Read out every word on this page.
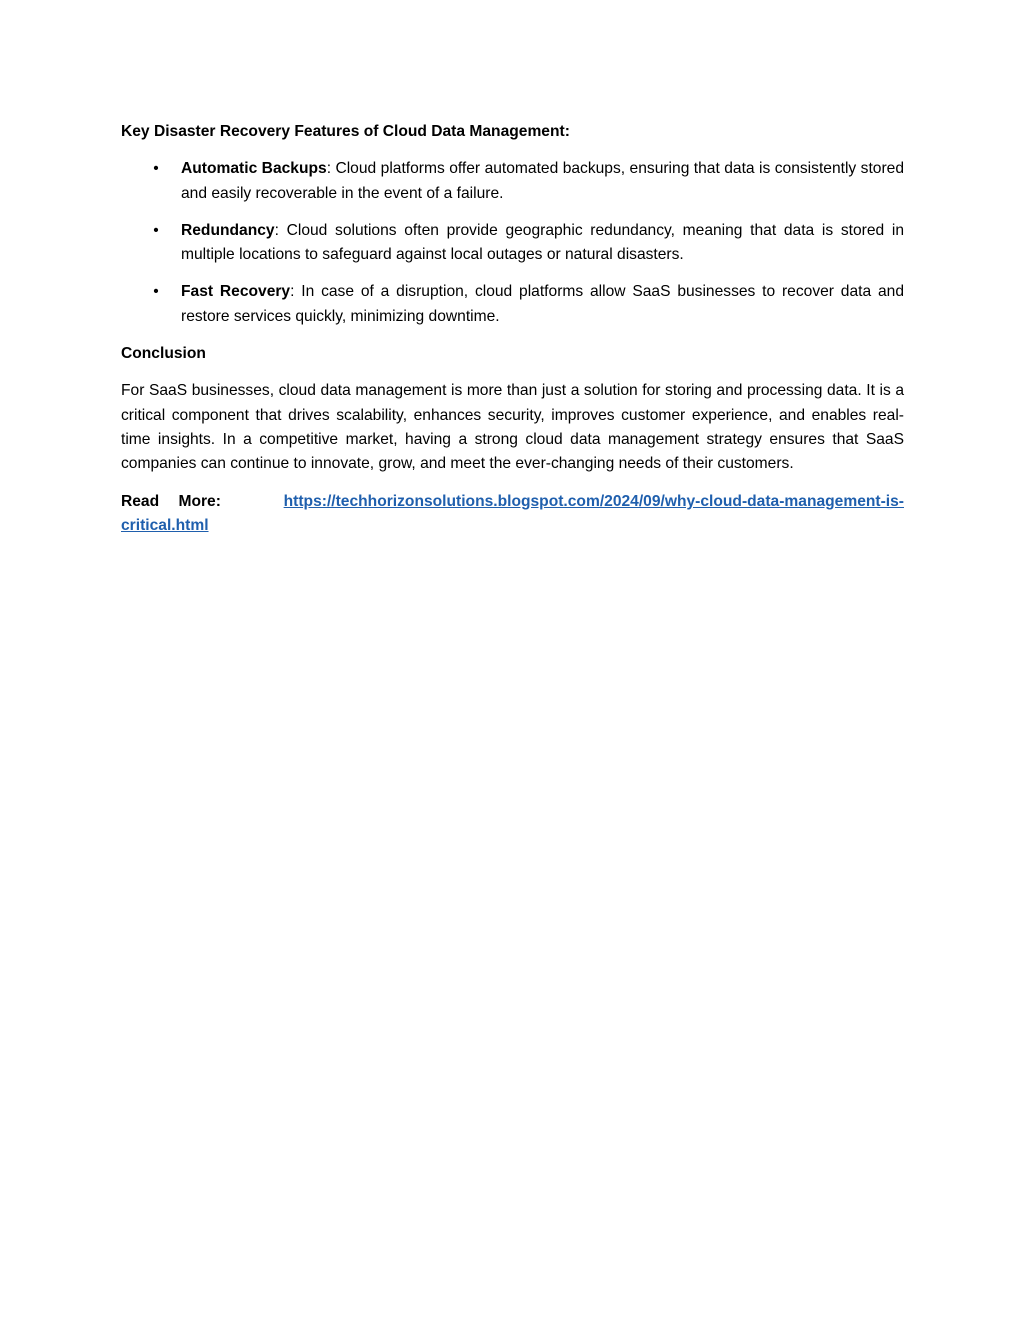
Key Disaster Recovery Features of Cloud Data Management:

• Automatic Backups: Cloud platforms offer automated backups, ensuring that data is consistently stored and easily recoverable in the event of a failure.
• Redundancy: Cloud solutions often provide geographic redundancy, meaning that data is stored in multiple locations to safeguard against local outages or natural disasters.
• Fast Recovery: In case of a disruption, cloud platforms allow SaaS businesses to recover data and restore services quickly, minimizing downtime.

Conclusion

For SaaS businesses, cloud data management is more than just a solution for storing and processing data. It is a critical component that drives scalability, enhances security, improves customer experience, and enables real-time insights. In a competitive market, having a strong cloud data management strategy ensures that SaaS companies can continue to innovate, grow, and meet the ever-changing needs of their customers.

Read More:	https://techhorizonsolutions.blogspot.com/2024/09/why-cloud-data-management-is-
critical.html
